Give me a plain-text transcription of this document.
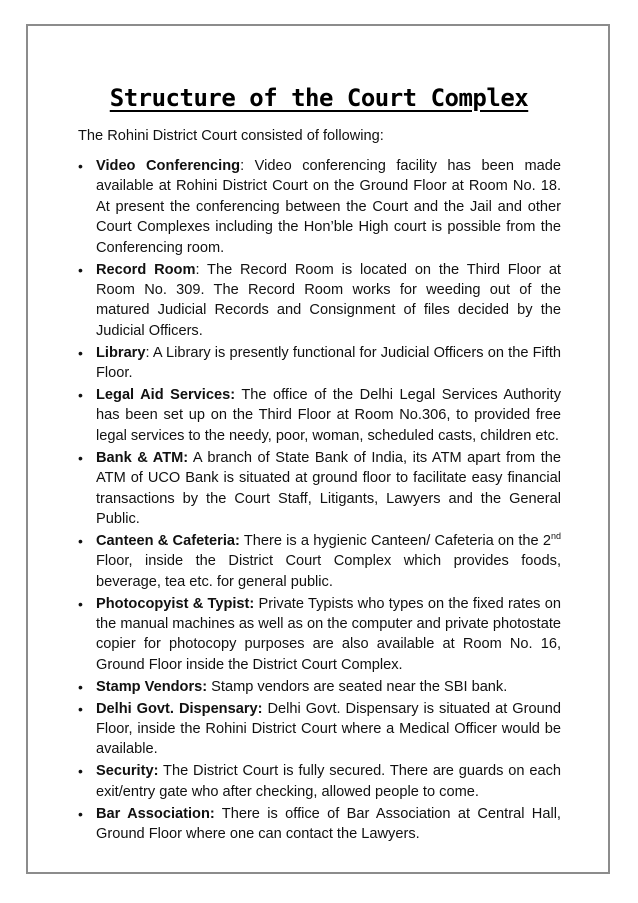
Structure of the Court Complex

The Rohini District Court consisted of following:

• Video Conferencing: Video conferencing facility has been made available at Rohini District Court on the Ground Floor at Room No. 18. At present the conferencing between the Court and the Jail and other Court Complexes including the Hon’ble High court is possible from the Conferencing room.
• Record Room: The Record Room is located on the Third Floor at Room No. 309. The Record Room works for weeding out of the matured Judicial Records and Consignment of files decided by the Judicial Officers.
• Library: A Library is presently functional for Judicial Officers on the Fifth Floor.
• Legal Aid Services: The office of the Delhi Legal Services Authority has been set up on the Third Floor at Room No.306, to provided free legal services to the needy, poor, woman, scheduled casts, children etc.
• Bank & ATM: A branch of State Bank of India, its ATM apart from the ATM of UCO Bank is situated at ground floor to facilitate easy financial transactions by the Court Staff, Litigants, Lawyers and the General Public.
• Canteen & Cafeteria: There is a hygienic Canteen/ Cafeteria on the 2nd Floor, inside the District Court Complex which provides foods, beverage, tea etc. for general public.
• Photocopyist & Typist: Private Typists who types on the fixed rates on the manual machines as well as on the computer and private photostate copier for photocopy purposes are also available at Room No. 16, Ground Floor inside the District Court Complex.
• Stamp Vendors: Stamp vendors are seated near the SBI bank.
• Delhi Govt. Dispensary: Delhi Govt. Dispensary is situated at Ground Floor, inside the Rohini District Court where a Medical Officer would be available.
• Security: The District Court is fully secured. There are guards on each exit/entry gate who after checking, allowed people to come.
• Bar Association: There is office of Bar Association at Central Hall, Ground Floor where one can contact the Lawyers.
